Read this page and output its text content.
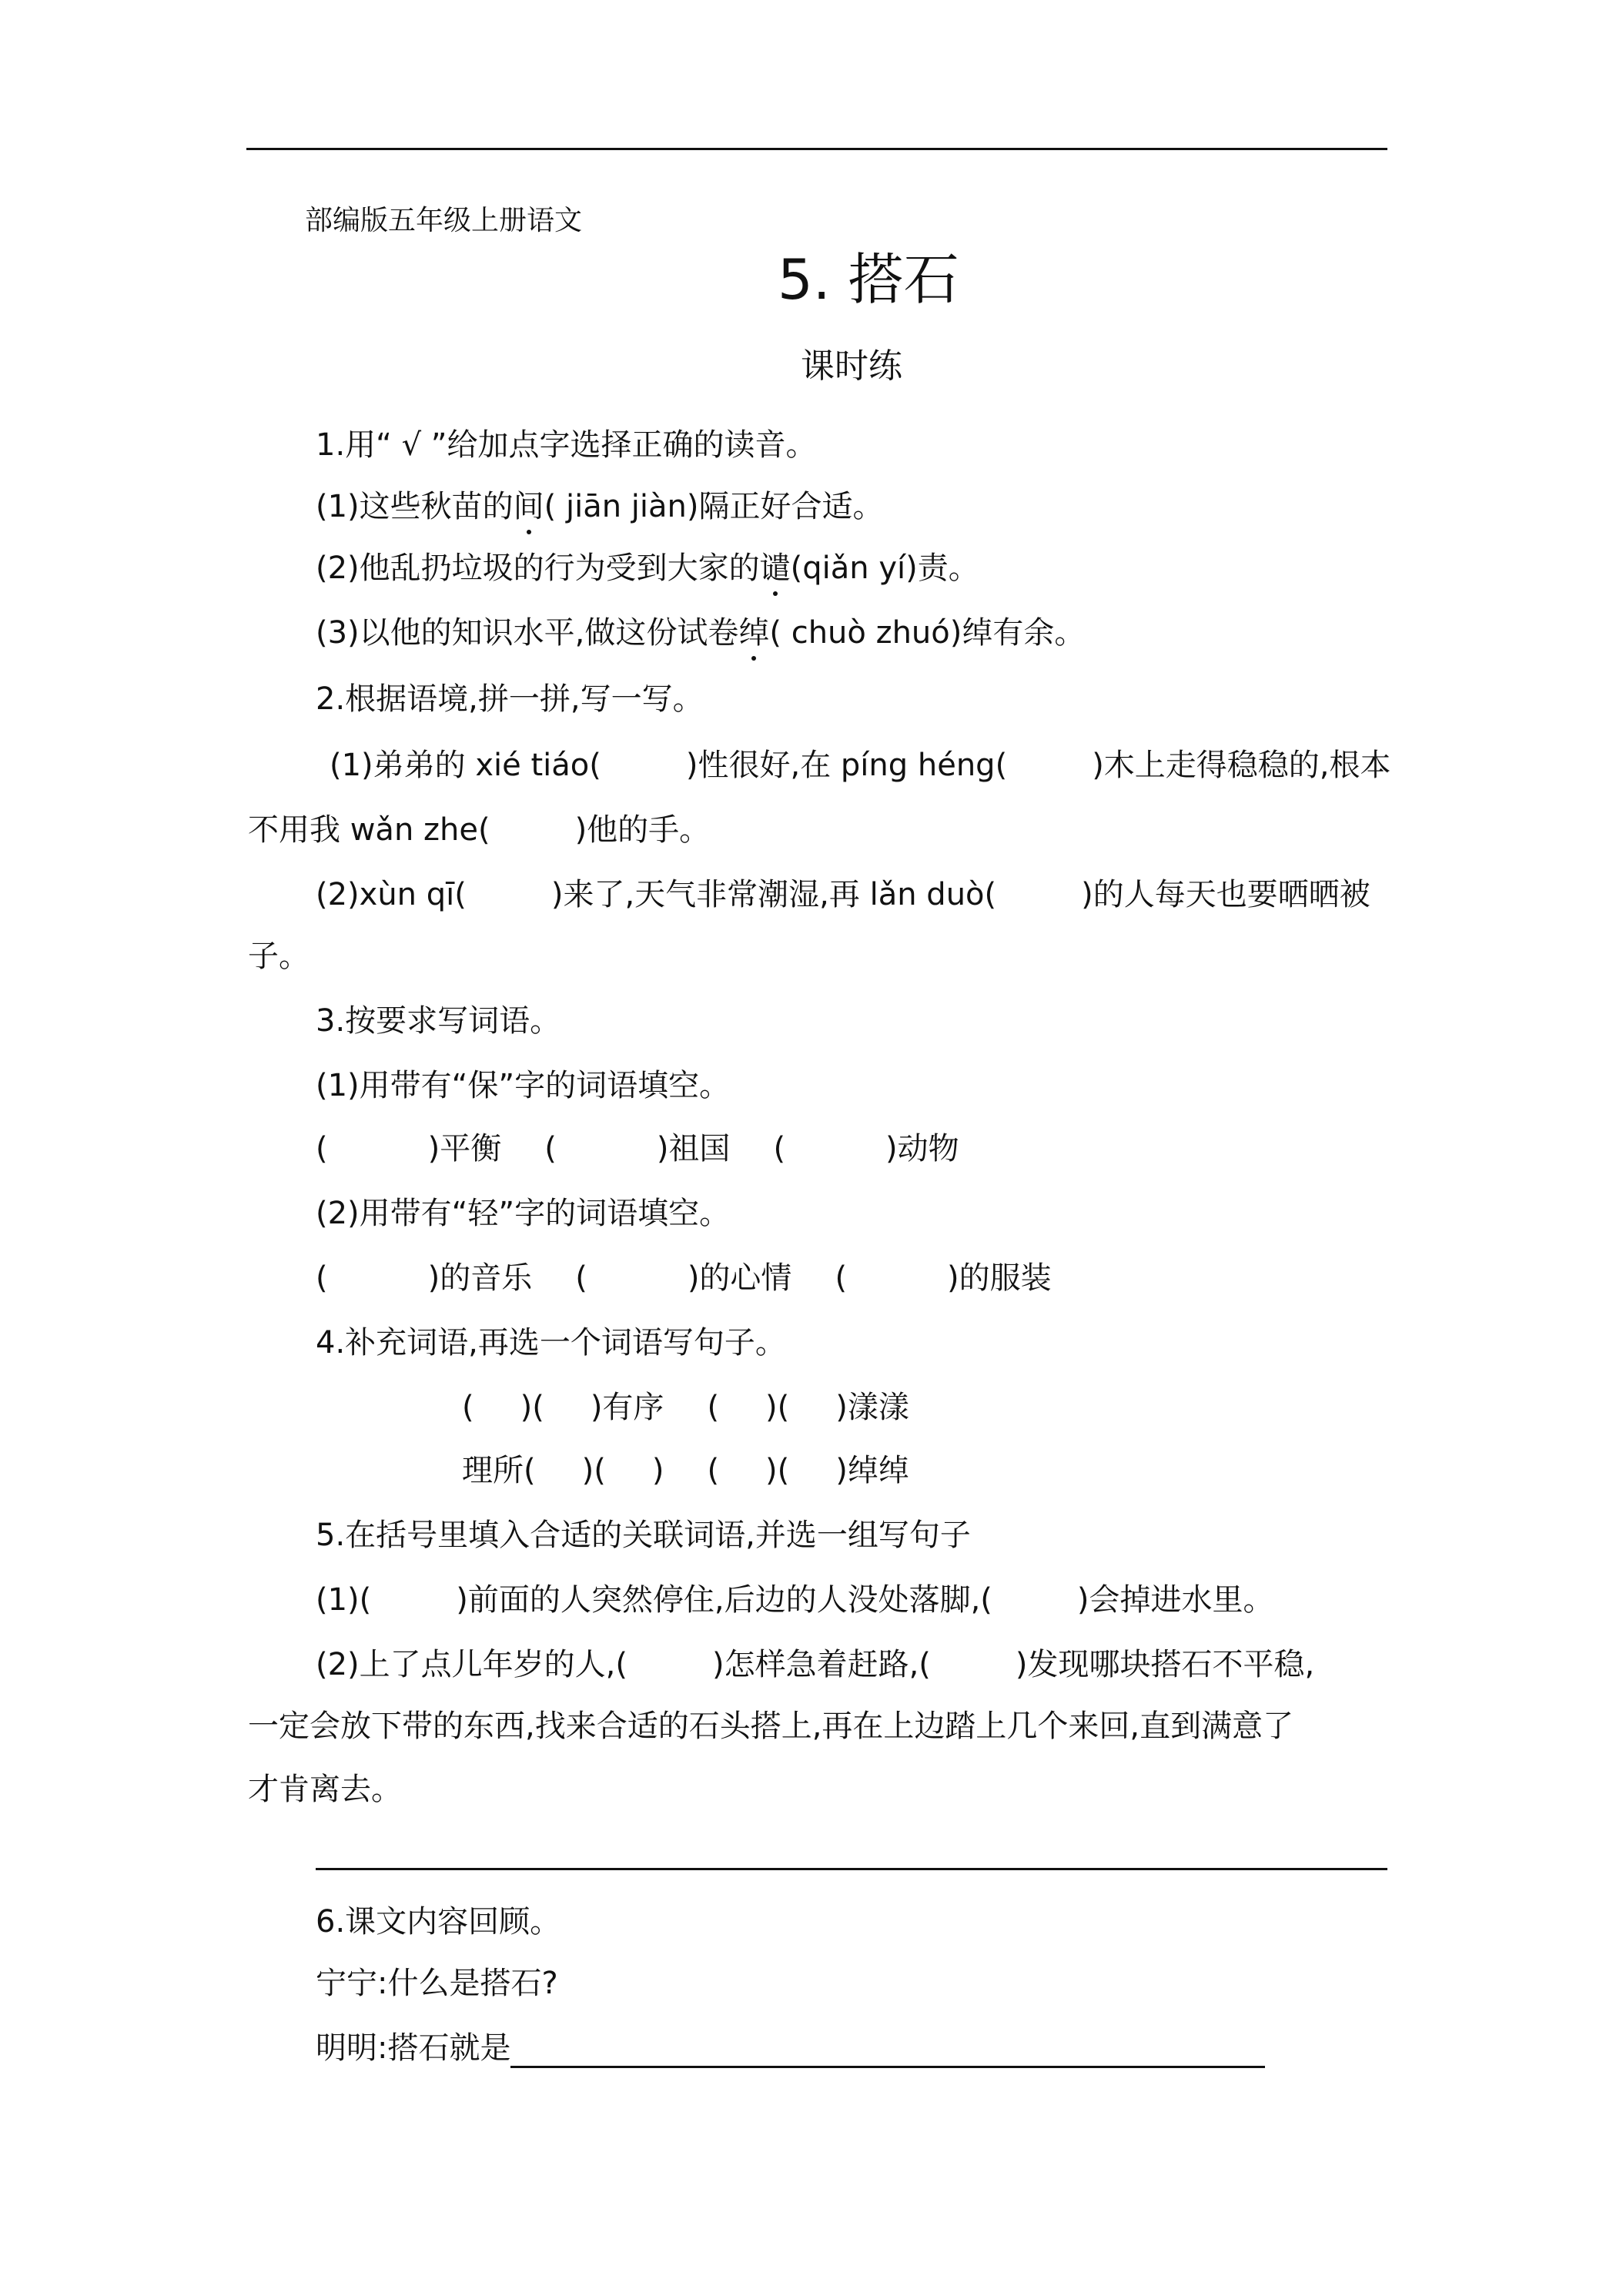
部编版五年级上册语文
5. 搭石
课时练
1.用“ √ ”给加点字选择正确的读音。
(1)这些秋苗的间( jiān jiàn)隔正好合适。
(2)他乱扔垃圾的行为受到大家的谴(qiǎn yí)责。
(3)以他的知识水平,做这份试卷绰( chuò zhuó)绰有余。
2.根据语境,拼一拼,写一写。
(1)弟弟的 xié tiáo(	)性很好,在 píng héng(	)木上走得稳稳的,根本
不用我 wǎn zhe(	)他的手。
(2)xùn qī(	)来了,天气非常潮湿,再 lǎn duò(	)的人每天也要晒晒被
子。
3.按要求写词语。
(1)用带有“保”字的词语填空。
(	)平衡 (	)祖国 (	)动物
(2)用带有“轻”字的词语填空。
(	)的音乐 (	)的心情 (	)的服装
4.补充词语,再选一个词语写句子。
( )( )有序 ( )( )漾漾
理所( )( ) ( )( )绰绰
5.在括号里填入合适的关联词语,并选一组写句子
(1)(	)前面的人突然停住,后边的人没处落脚,(	)会掉进水里。
(2)上了点儿年岁的人,(	)怎样急着赶路,(	)发现哪块搭石不平稳,
一定会放下带的东西,找来合适的石头搭上,再在上边踏上几个来回,直到满意了
才肯离去。
6.课文内容回顾。
宁宁:什么是搭石?
明明:搭石就是
